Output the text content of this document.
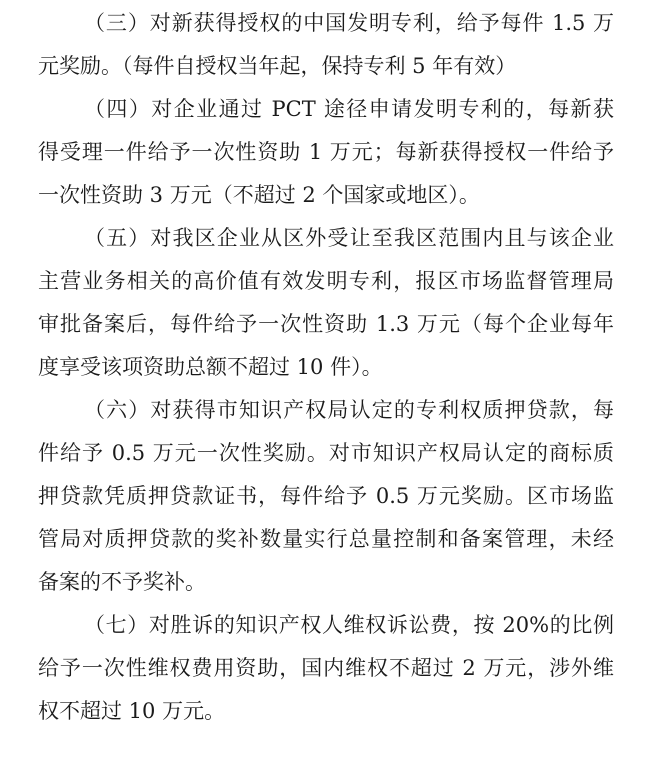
（三）对新获得授权的中国发明专利，给予每件 1.5 万
元奖励。（每件自授权当年起，保持专利 5 年有效）
（四）对企业通过 PCT 途径申请发明专利的，每新获
得受理一件给予一次性资助 1 万元；每新获得授权一件给予
一次性资助 3 万元（不超过 2 个国家或地区）。
（五）对我区企业从区外受让至我区范围内且与该企业
主营业务相关的高价值有效发明专利，报区市场监督管理局
审批备案后，每件给予一次性资助 1.3 万元（每个企业每年
度享受该项资助总额不超过 10 件）。
（六）对获得市知识产权局认定的专利权质押贷款，每
件给予 0.5 万元一次性奖励。对市知识产权局认定的商标质
押贷款凭质押贷款证书，每件给予 0.5 万元奖励。区市场监
管局对质押贷款的奖补数量实行总量控制和备案管理，未经
备案的不予奖补。
（七）对胜诉的知识产权人维权诉讼费，按 20%的比例
给予一次性维权费用资助，国内维权不超过 2 万元，涉外维
权不超过 10 万元。
